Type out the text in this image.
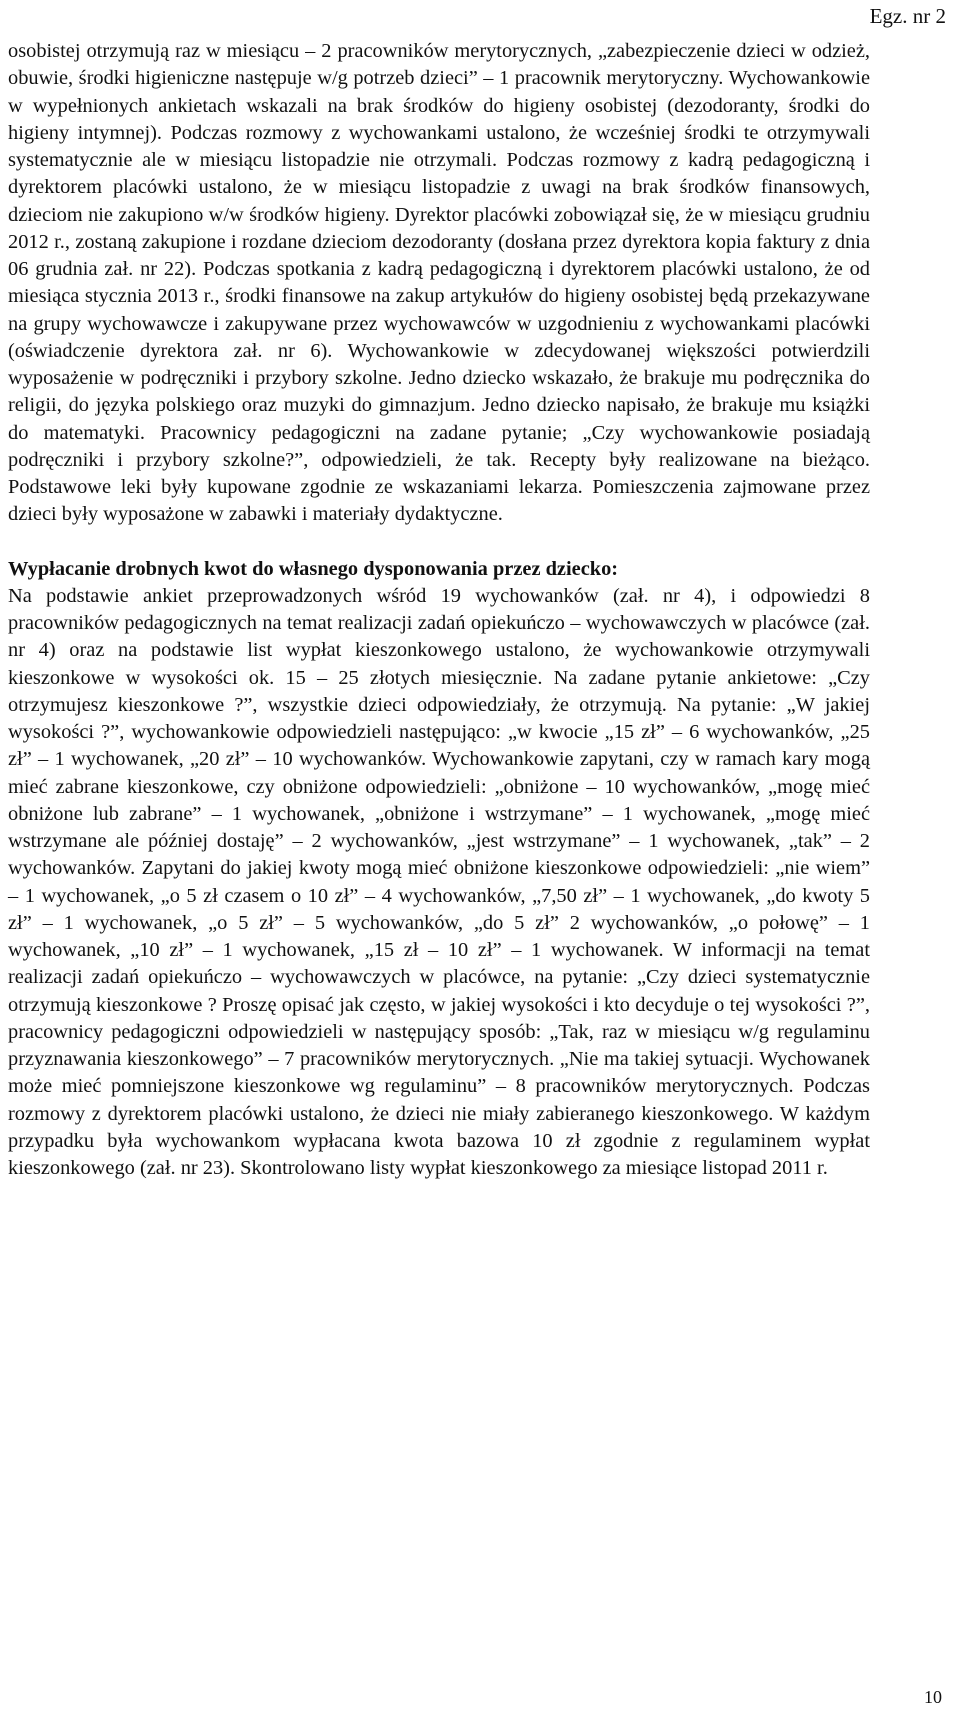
Egz. nr 2

osobistej otrzymują raz w miesiącu – 2 pracowników merytorycznych, „zabezpieczenie dzieci w odzież, obuwie, środki higieniczne następuje w/g potrzeb dzieci” – 1 pracownik merytoryczny. Wychowankowie w wypełnionych ankietach wskazali na brak środków do higieny osobistej (dezodoranty, środki do higieny intymnej). Podczas rozmowy z wychowankami ustalono, że wcześniej środki te otrzymywali systematycznie ale w miesiącu listopadzie nie otrzymali. Podczas rozmowy z kadrą pedagogiczną i dyrektorem placówki ustalono, że w miesiącu listopadzie z uwagi na brak środków finansowych, dzieciom nie zakupiono w/w środków higieny. Dyrektor placówki zobowiązał się, że w miesiącu grudniu 2012 r., zostaną zakupione i rozdane dzieciom dezodoranty (dosłana przez dyrektora kopia faktury z dnia 06 grudnia zał. nr 22). Podczas spotkania z kadrą pedagogiczną i dyrektorem placówki ustalono, że od miesiąca stycznia 2013 r., środki finansowe na zakup artykułów do higieny osobistej będą przekazywane na grupy wychowawcze i zakupywane przez wychowawców w uzgodnieniu z wychowankami placówki (oświadczenie dyrektora zał. nr 6). Wychowankowie w zdecydowanej większości potwierdzili wyposażenie w podręczniki i przybory szkolne. Jedno dziecko wskazało, że brakuje mu podręcznika do religii, do języka polskiego oraz muzyki do gimnazjum. Jedno dziecko napisało, że brakuje mu książki do matematyki. Pracownicy pedagogiczni na zadane pytanie; „Czy wychowankowie posiadają podręczniki i przybory szkolne?”, odpowiedzieli, że tak. Recepty były realizowane na bieżąco. Podstawowe leki były kupowane zgodnie ze wskazaniami lekarza. Pomieszczenia zajmowane przez dzieci były wyposażone w zabawki i materiały dydaktyczne.

Wypłacanie drobnych kwot do własnego dysponowania przez dziecko:

Na podstawie ankiet przeprowadzonych wśród 19 wychowanków (zał. nr 4), i odpowiedzi 8 pracowników pedagogicznych na temat realizacji zadań opiekuńczo – wychowawczych w placówce (zał. nr 4) oraz na podstawie list wypłat kieszonkowego ustalono, że wychowankowie otrzymywali kieszonkowe w wysokości ok. 15 – 25 złotych miesięcznie. Na zadane pytanie ankietowe: „Czy otrzymujesz kieszonkowe ?”, wszystkie dzieci odpowiedziały, że otrzymują. Na pytanie: „W jakiej wysokości ?”, wychowankowie odpowiedzieli następująco: „w kwocie „15 zł” – 6 wychowanków, „25 zł” – 1 wychowanek, „20 zł” – 10 wychowanków. Wychowankowie zapytani, czy w ramach kary mogą mieć zabrane kieszonkowe, czy obniżone odpowiedzieli: „obniżone – 10 wychowanków, „mogę mieć obniżone lub zabrane” – 1 wychowanek, „obniżone i wstrzymane” – 1 wychowanek, „mogę mieć wstrzymane ale później dostaję” – 2 wychowanków, „jest wstrzymane” – 1 wychowanek, „tak” – 2 wychowanków. Zapytani do jakiej kwoty mogą mieć obniżone kieszonkowe odpowiedzieli: „nie wiem” – 1 wychowanek, „o 5 zł czasem o 10 zł” – 4 wychowanków, „7,50 zł” – 1 wychowanek, „do kwoty 5 zł” – 1 wychowanek, „o 5 zł” – 5 wychowanków, „do 5 zł” 2 wychowanków, „o połowę” – 1 wychowanek, „10 zł” – 1 wychowanek, „15 zł – 10 zł” – 1 wychowanek. W informacji na temat realizacji zadań opiekuńczo – wychowawczych w placówce, na pytanie: „Czy dzieci systematycznie otrzymują kieszonkowe ? Proszę opisać jak często, w jakiej wysokości i kto decyduje o tej wysokości ?”, pracownicy pedagogiczni odpowiedzieli w następujący sposób: „Tak, raz w miesiącu w/g regulaminu przyznawania kieszonkowego” – 7 pracowników merytorycznych. „Nie ma takiej sytuacji. Wychowanek może mieć pomniejszone kieszonkowe wg regulaminu” – 8 pracowników merytorycznych. Podczas rozmowy z dyrektorem placówki ustalono, że dzieci nie miały zabieranego kieszonkowego. W każdym przypadku była wychowankom wypłacana kwota bazowa 10 zł zgodnie z regulaminem wypłat kieszonkowego (zał. nr 23). Skontrolowano listy wypłat kieszonkowego za miesiące listopad 2011 r.

10
